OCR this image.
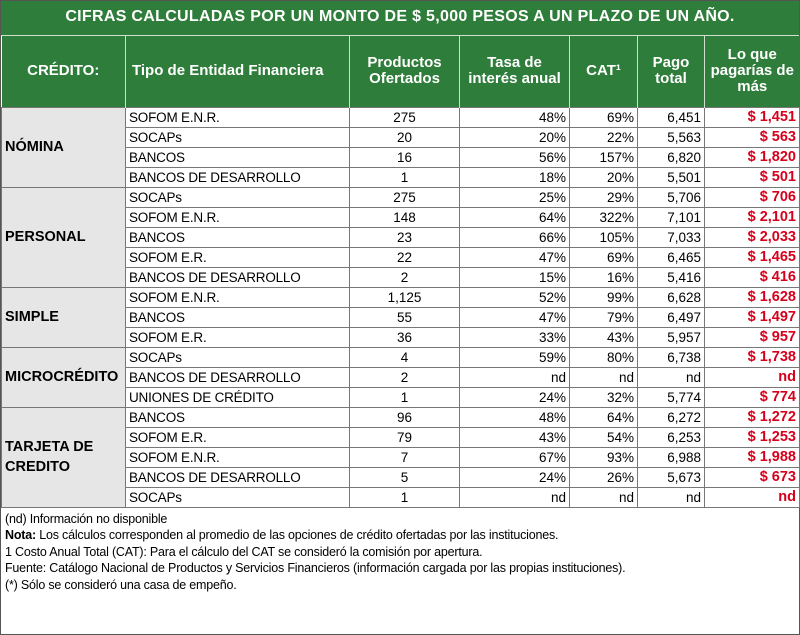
CIFRAS CALCULADAS POR UN MONTO DE $ 5,000 PESOS A UN PLAZO DE UN AÑO.
CRÉDITO:	Tipo de Entidad Financiera	Productos Ofertados	Tasa de interés anual	CAT¹	Pago total	Lo que pagarías de más
NÓMINA	SOFOM E.N.R.	275	48%	69%	6,451	$ 1,451
	SOCAPs	20	20%	22%	5,563	$ 563
	BANCOS	16	56%	157%	6,820	$ 1,820
	BANCOS DE DESARROLLO	1	18%	20%	5,501	$ 501
PERSONAL	SOCAPs	275	25%	29%	5,706	$ 706
	SOFOM E.N.R.	148	64%	322%	7,101	$ 2,101
	BANCOS	23	66%	105%	7,033	$ 2,033
	SOFOM E.R.	22	47%	69%	6,465	$ 1,465
	BANCOS DE DESARROLLO	2	15%	16%	5,416	$ 416
SIMPLE	SOFOM E.N.R.	1,125	52%	99%	6,628	$ 1,628
	BANCOS	55	47%	79%	6,497	$ 1,497
	SOFOM E.R.	36	33%	43%	5,957	$ 957
MICROCRÉDITO	SOCAPs	4	59%	80%	6,738	$ 1,738
	BANCOS DE DESARROLLO	2	nd	nd	nd	nd
	UNIONES DE CRÉDITO	1	24%	32%	5,774	$ 774
TARJETA DE CREDITO	BANCOS	96	48%	64%	6,272	$ 1,272
	SOFOM E.R.	79	43%	54%	6,253	$ 1,253
	SOFOM E.N.R.	7	67%	93%	6,988	$ 1,988
	BANCOS DE DESARROLLO	5	24%	26%	5,673	$ 673
	SOCAPs	1	nd	nd	nd	nd
(nd) Información no disponible
Nota: Los cálculos corresponden al promedio de las opciones de crédito ofertadas por las instituciones.
1 Costo Anual Total (CAT): Para el cálculo del CAT se consideró la comisión por apertura.
Fuente: Catálogo Nacional de Productos y Servicios Financieros (información cargada por las propias instituciones).
(*) Sólo se consideró una casa de empeño.
